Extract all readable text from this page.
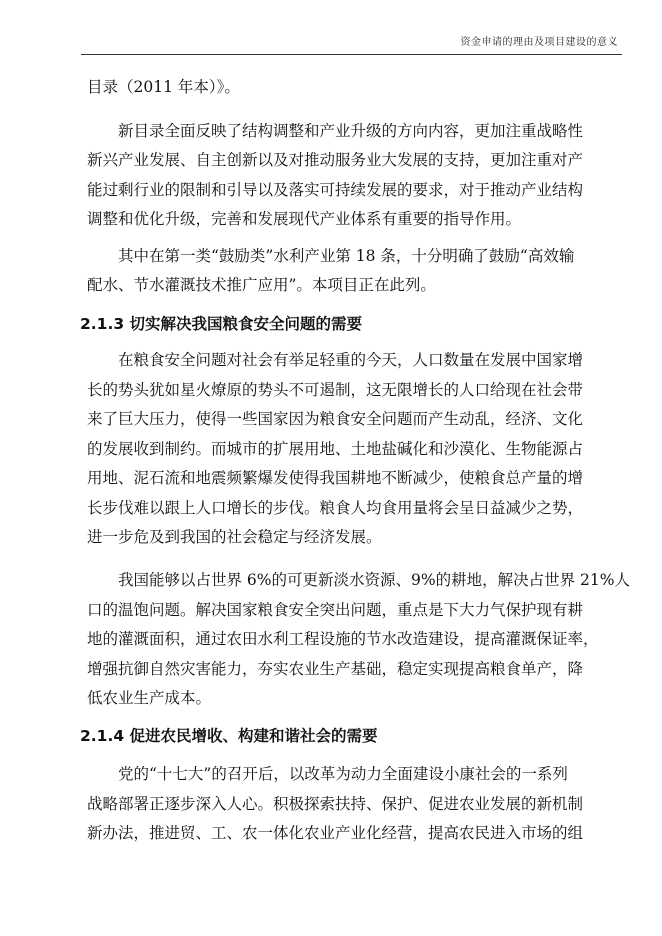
资金申请的理由及项目建设的意义
目录（2011 年本）》。
新目录全面反映了结构调整和产业升级的方向内容，更加注重战略性
新兴产业发展、自主创新以及对推动服务业大发展的支持，更加注重对产
能过剩行业的限制和引导以及落实可持续发展的要求，对于推动产业结构
调整和优化升级，完善和发展现代产业体系有重要的指导作用。
其中在第一类“鼓励类”水利产业第 18 条，十分明确了鼓励“高效输
配水、节水灌溉技术推广应用”。本项目正在此列。
2.1.3 切实解决我国粮食安全问题的需要
在粮食安全问题对社会有举足轻重的今天，人口数量在发展中国家增
长的势头犹如星火燎原的势头不可遏制，这无限增长的人口给现在社会带
来了巨大压力，使得一些国家因为粮食安全问题而产生动乱，经济、文化
的发展收到制约。而城市的扩展用地、土地盐碱化和沙漠化、生物能源占
用地、泥石流和地震频繁爆发使得我国耕地不断减少，使粮食总产量的增
长步伐难以跟上人口增长的步伐。粮食人均食用量将会呈日益减少之势，
进一步危及到我国的社会稳定与经济发展。
我国能够以占世界 6%的可更新淡水资源、9%的耕地，解决占世界 21%人
口的温饱问题。解决国家粮食安全突出问题，重点是下大力气保护现有耕
地的灌溉面积，通过农田水利工程设施的节水改造建设，提高灌溉保证率，
增强抗御自然灾害能力，夯实农业生产基础，稳定实现提高粮食单产，降
低农业生产成本。
2.1.4 促进农民增收、构建和谐社会的需要
党的“十七大”的召开后，以改革为动力全面建设小康社会的一系列
战略部署正逐步深入人心。积极探索扶持、保护、促进农业发展的新机制
新办法，推进贸、工、农一体化农业产业化经营，提高农民进入市场的组
